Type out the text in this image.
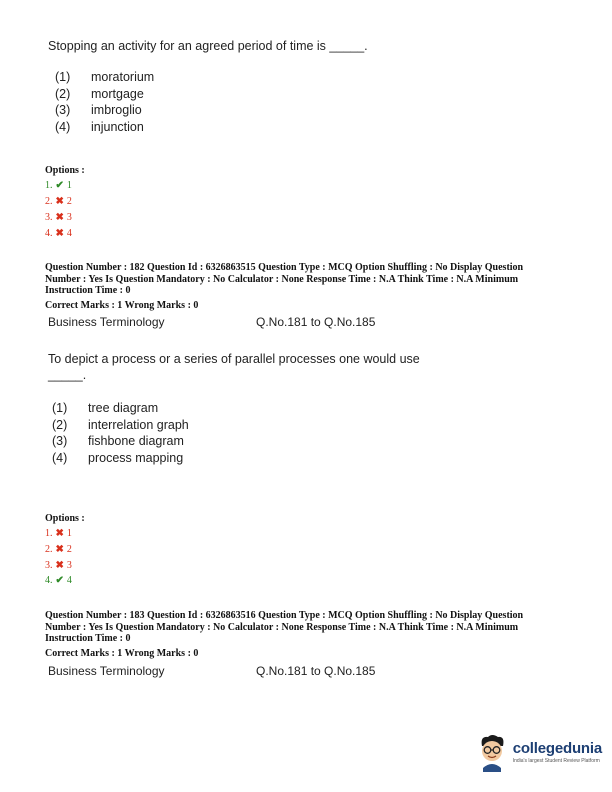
Stopping an activity for an agreed period of time is _____.
(1) moratorium
(2) mortgage
(3) imbroglio
(4) injunction
Options :
1. ✔ 1
2. ✖ 2
3. ✖ 3
4. ✖ 4
Question Number : 182 Question Id : 6326863515 Question Type : MCQ Option Shuffling : No Display Question
Number : Yes Is Question Mandatory : No Calculator : None Response Time : N.A Think Time : N.A Minimum
Instruction Time : 0
Correct Marks : 1 Wrong Marks : 0
Business Terminology	Q.No.181 to Q.No.185
To depict a process or a series of parallel processes one would use
_____.
(1) tree diagram
(2) interrelation graph
(3) fishbone diagram
(4) process mapping
Options :
1. ✖ 1
2. ✖ 2
3. ✖ 3
4. ✔ 4
Question Number : 183 Question Id : 6326863516 Question Type : MCQ Option Shuffling : No Display Question
Number : Yes Is Question Mandatory : No Calculator : None Response Time : N.A Think Time : N.A Minimum
Instruction Time : 0
Correct Marks : 1 Wrong Marks : 0
Business Terminology	Q.No.181 to Q.No.185
collegedunia
India's largest Student Review Platform
